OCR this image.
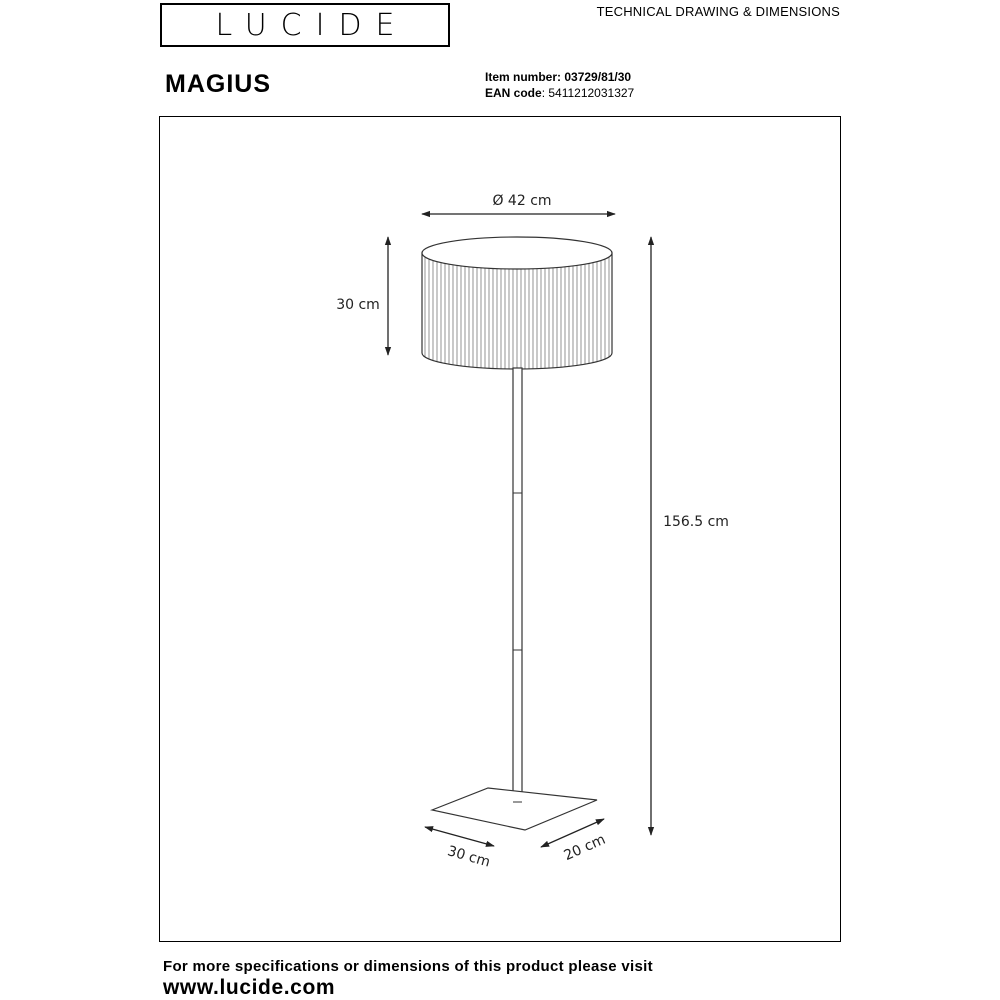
LUCIDE	TECHNICAL DRAWING & DIMENSIONS
MAGIUS	Item number: 03729/81/30
EAN code: 5411212031327
Ø 42 cm
30 cm
156.5 cm
30 cm	20 cm
For more specifications or dimensions of this product please visit
www.lucide.com
